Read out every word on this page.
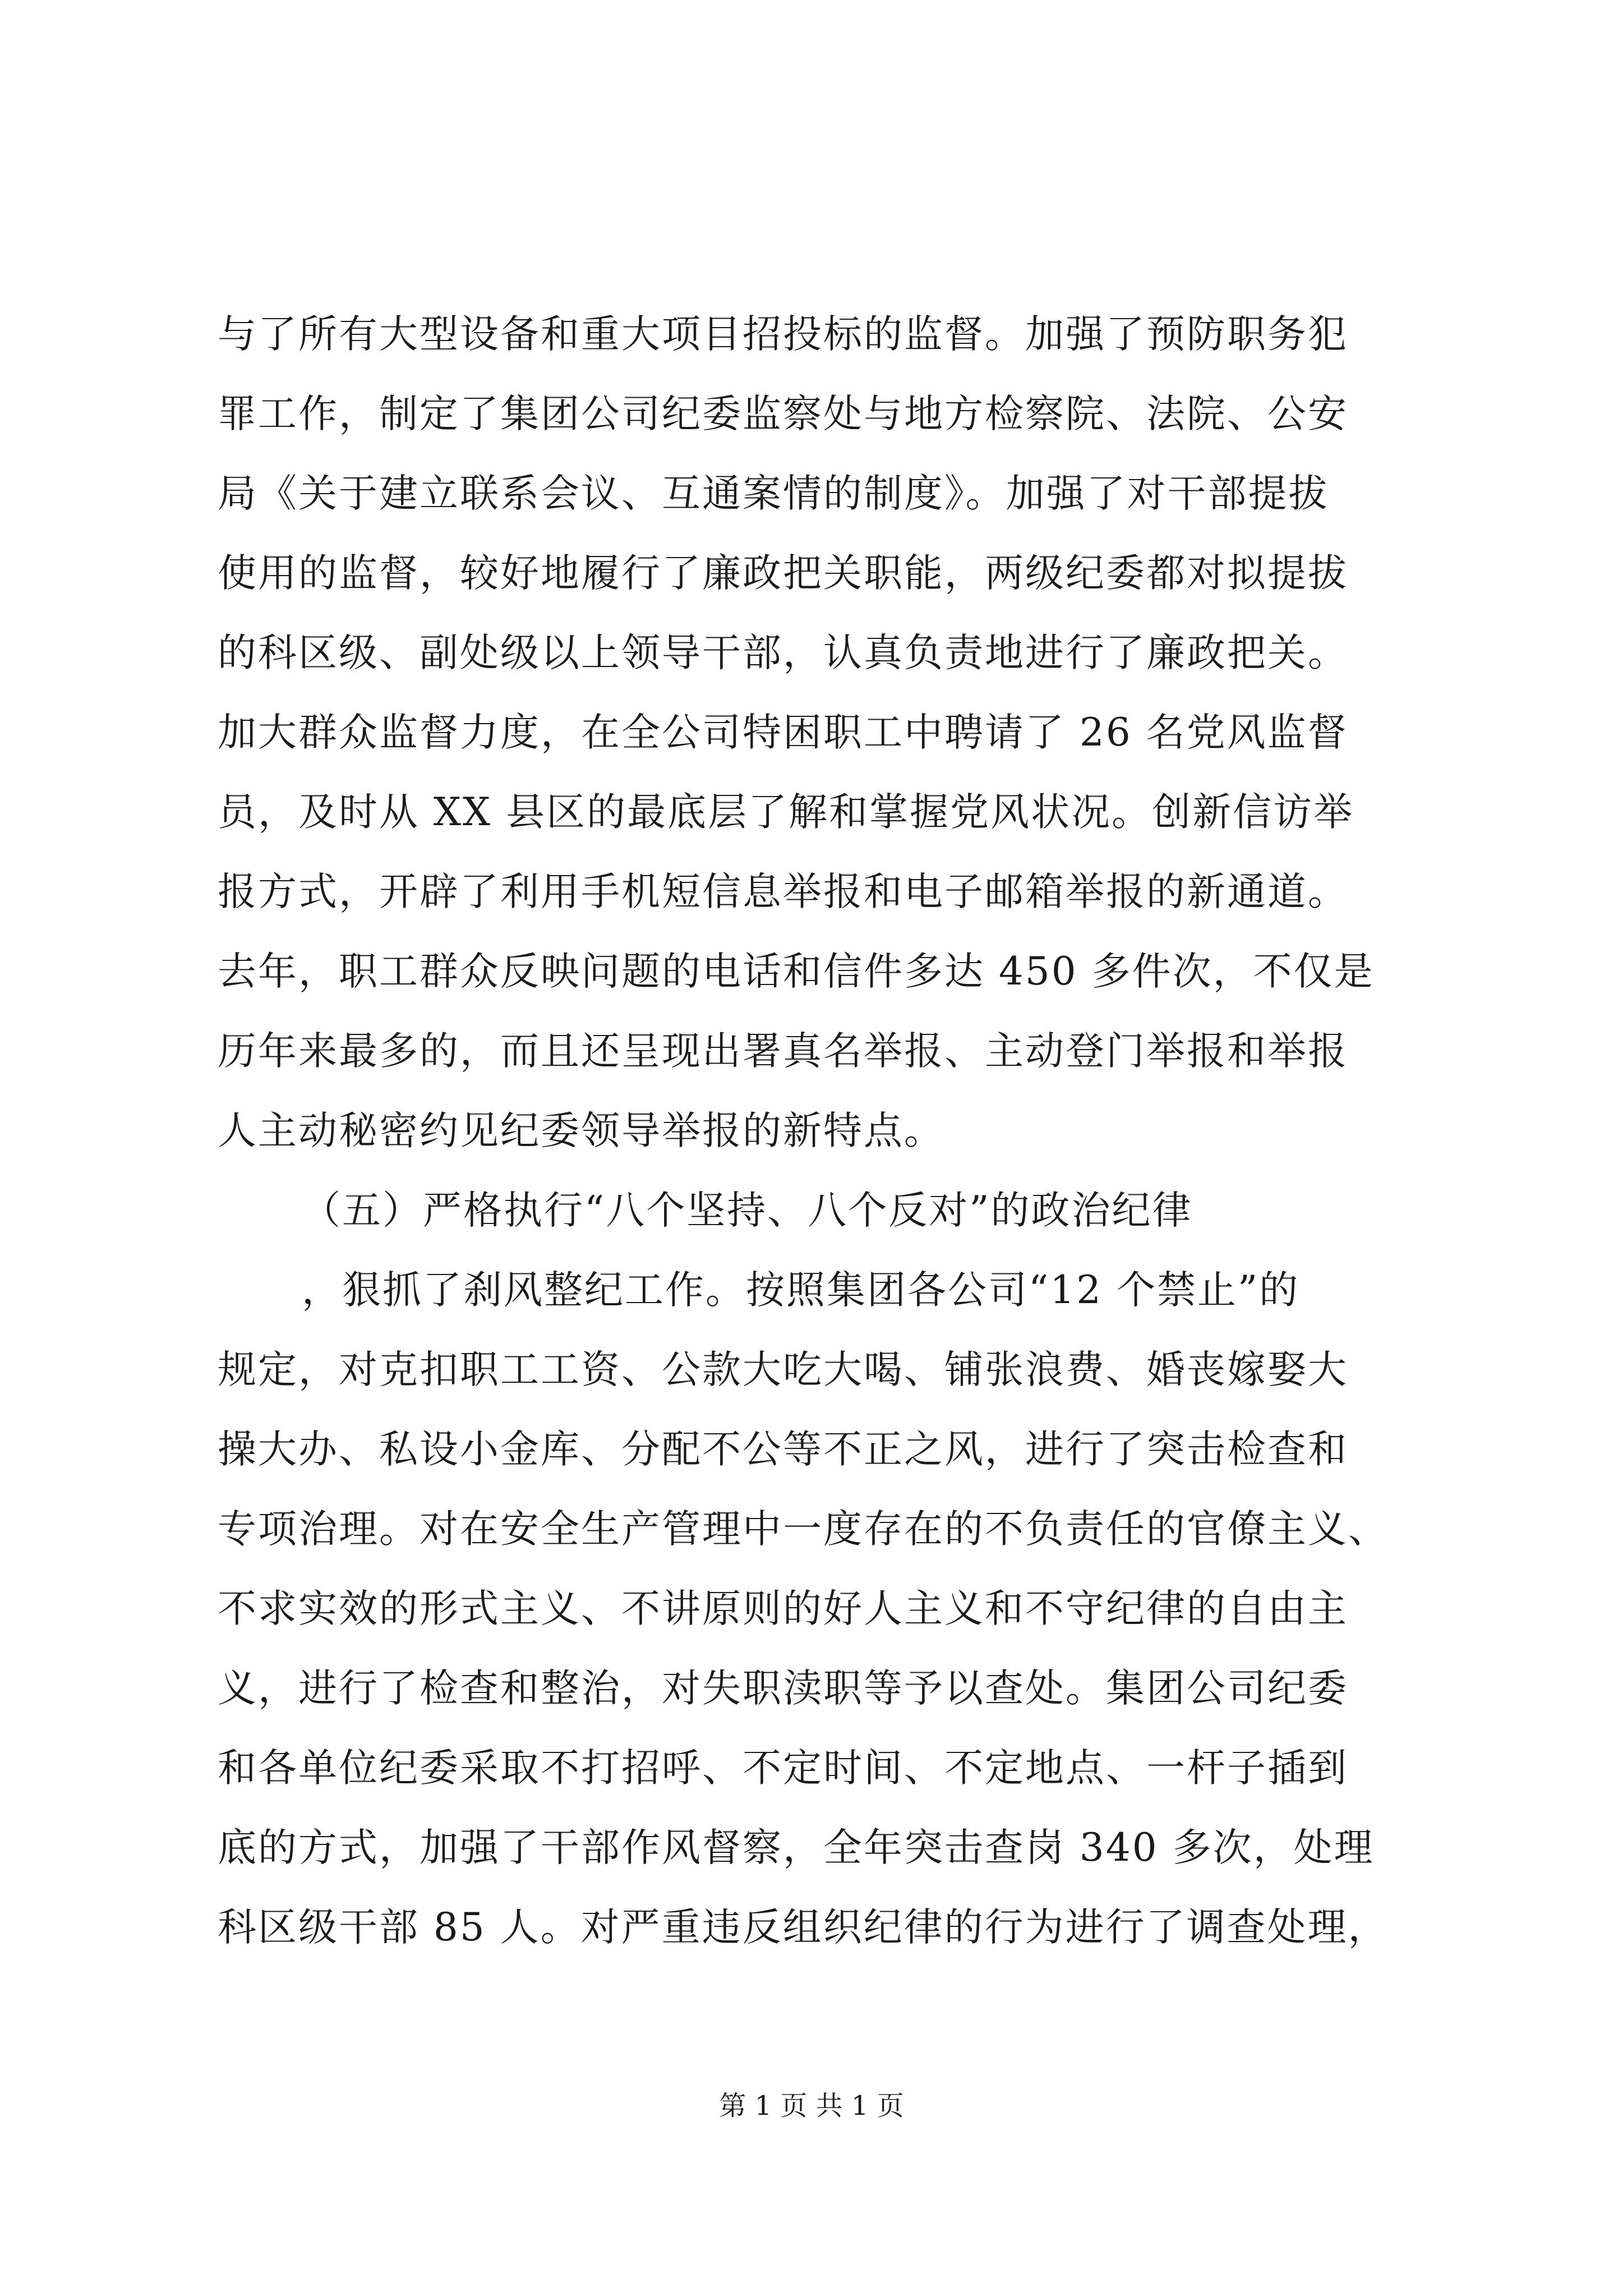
与了所有大型设备和重大项目招投标的监督。加强了预防职务犯
罪工作，制定了集团公司纪委监察处与地方检察院、法院、公安
局《关于建立联系会议、互通案情的制度》。加强了对干部提拔
使用的监督，较好地履行了廉政把关职能，两级纪委都对拟提拔
的科区级、副处级以上领导干部，认真负责地进行了廉政把关。
加大群众监督力度，在全公司特困职工中聘请了 26 名党风监督
员，及时从 XX 县区的最底层了解和掌握党风状况。创新信访举
报方式，开辟了利用手机短信息举报和电子邮箱举报的新通道。
去年，职工群众反映问题的电话和信件多达 450 多件次，不仅是
历年来最多的，而且还呈现出署真名举报、主动登门举报和举报
人主动秘密约见纪委领导举报的新特点。
（五）严格执行“八个坚持、八个反对”的政治纪律
，狠抓了刹风整纪工作。按照集团各公司“12 个禁止”的
规定，对克扣职工工资、公款大吃大喝、铺张浪费、婚丧嫁娶大
操大办、私设小金库、分配不公等不正之风，进行了突击检查和
专项治理。对在安全生产管理中一度存在的不负责任的官僚主义、
不求实效的形式主义、不讲原则的好人主义和不守纪律的自由主
义，进行了检查和整治，对失职渎职等予以查处。集团公司纪委
和各单位纪委采取不打招呼、不定时间、不定地点、一杆子插到
底的方式，加强了干部作风督察，全年突击查岗 340 多次，处理
科区级干部 85 人。对严重违反组织纪律的行为进行了调查处理，
第 1 页 共 1 页
